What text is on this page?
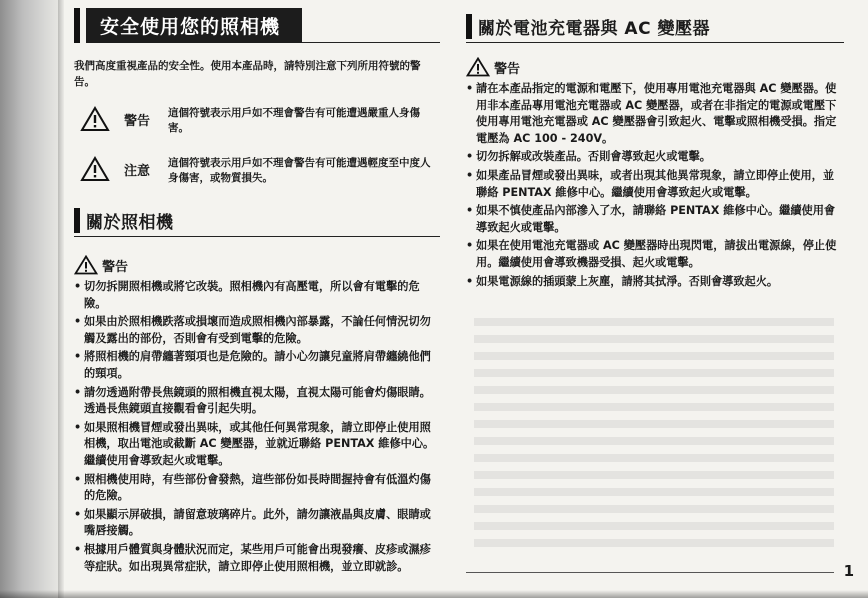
安全使用您的照相機

我們高度重視產品的安全性。使用本產品時，請特別注意下列所用符號的警告。

警告
這個符號表示用戶如不理會警告有可能遭遇嚴重人身傷害。
注意
這個符號表示用戶如不理會警告有可能遭遇輕度至中度人身傷害，或物質損失。
關於照相機
警告
• 切勿拆開照相機或將它改裝。照相機內有高壓電，所以會有電擊的危險。
• 如果由於照相機跌落或損壞而造成照相機內部暴露，不論任何情況切勿觸及露出的部份，否則會有受到電擊的危險。
• 將照相機的肩帶纏著頸項也是危險的。請小心勿讓兒童將肩帶纏繞他們的頸項。
• 請勿透過附帶長焦鏡頭的照相機直視太陽，直視太陽可能會灼傷眼睛。透過長焦鏡頭直接觀看會引起失明。
• 如果照相機冒煙或發出異味，或其他任何異常現象，請立即停止使用照相機，取出電池或截斷 AC 變壓器，並就近聯絡 PENTAX 維修中心。繼續使用會導致起火或電擊。
• 照相機使用時，有些部份會發熱，這些部份如長時間握持會有低溫灼傷的危險。
• 如果顯示屏破損，請留意玻璃碎片。此外，請勿讓液晶與皮膚、眼睛或嘴唇接觸。
• 根據用戶體質與身體狀況而定，某些用戶可能會出現發癢、皮疹或濕疹等症狀。如出現異常症狀，請立即停止使用照相機，並立即就診。
關於電池充電器與 AC 變壓器
警告
• 請在本產品指定的電源和電壓下，使用專用電池充電器與 AC 變壓器。使用非本產品專用電池充電器或 AC 變壓器，或者在非指定的電源或電壓下使用專用電池充電器或 AC 變壓器會引致起火、電擊或照相機受損。指定電壓為 AC 100 - 240V。
• 切勿拆解或改裝產品。否則會導致起火或電擊。
• 如果產品冒煙或發出異味，或者出現其他異常現象，請立即停止使用，並聯絡 PENTAX 維修中心。繼續使用會導致起火或電擊。
• 如果不慎使產品內部滲入了水，請聯絡 PENTAX 維修中心。繼續使用會導致起火或電擊。
• 如果在使用電池充電器或 AC 變壓器時出現閃電，請拔出電源線，停止使用。繼續使用會導致機器受損、起火或電擊。
• 如果電源線的插頭蒙上灰塵，請將其拭淨。否則會導致起火。
1
